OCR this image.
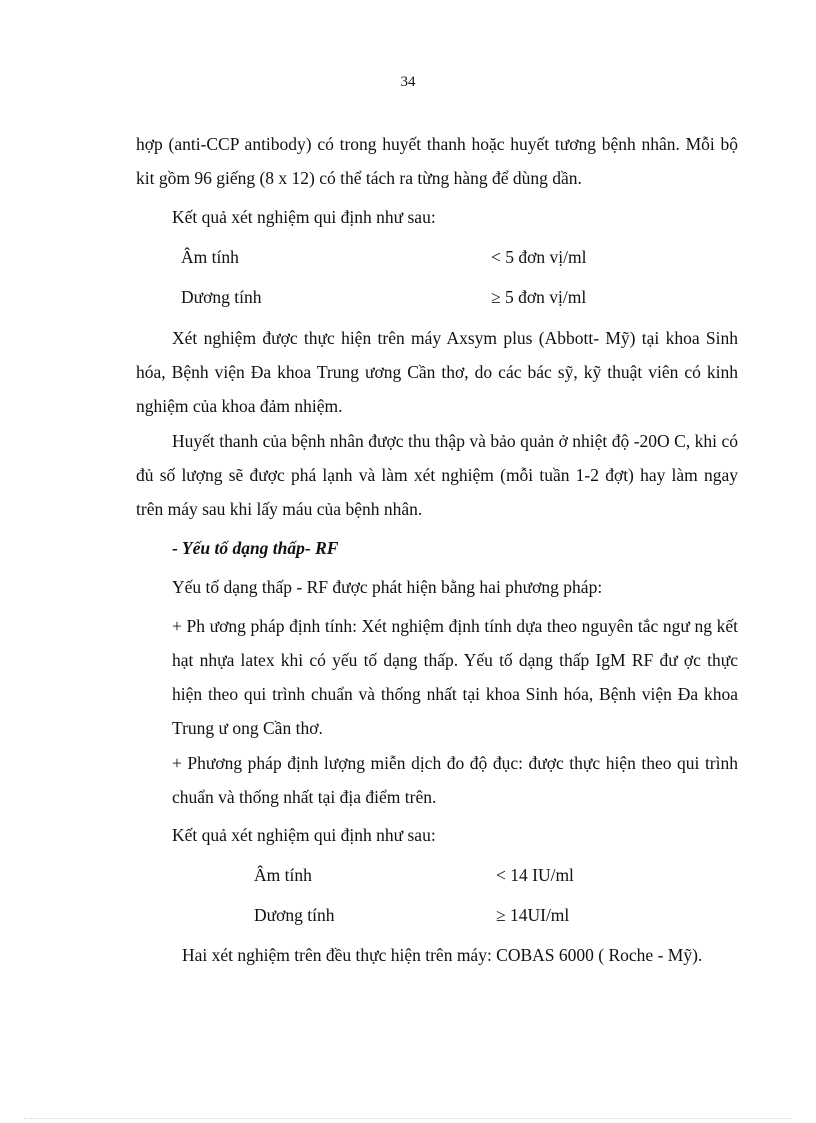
34

hợp (anti-CCP antibody) có trong huyết thanh hoặc huyết tương bệnh nhân. Mỗi bộ kit gồm 96 giếng (8 x 12) có thể tách ra từng hàng để dùng dần.

Kết quả xét nghiệm qui định như sau:
Âm tính	< 5 đơn vị/ml
Dương tính	≥ 5 đơn vị/ml

Xét nghiệm được thực hiện trên máy Axsym plus (Abbott- Mỹ) tại khoa Sinh hóa, Bệnh viện Đa khoa Trung ương Cần thơ, do các bác sỹ, kỹ thuật viên có kinh nghiệm của khoa đảm nhiệm.

Huyết thanh của bệnh nhân được thu thập và bảo quản ở nhiệt độ -20O C, khi có đủ số lượng sẽ được phá lạnh và làm xét nghiệm (mỗi tuần 1-2 đợt) hay làm ngay trên máy sau khi lấy máu của bệnh nhân.

- Yếu tố dạng thấp- RF
Yếu tố dạng thấp - RF được phát hiện bằng hai phương pháp:

+ Ph ương pháp định tính: Xét nghiệm định tính dựa theo nguyên tắc ngư ng kết hạt nhựa latex khi có yếu tố dạng thấp. Yếu tố dạng thấp IgM RF đư ợc thực hiện theo qui trình chuẩn và thống nhất tại khoa Sinh hóa, Bệnh viện Đa khoa Trung ư ong Cần thơ.

+ Phương pháp định lượng miễn dịch đo độ đục: được thực hiện theo qui trình chuẩn và thống nhất tại địa điểm trên.

Kết quả xét nghiệm qui định như sau:
Âm tính	< 14 IU/ml
Dương tính	≥ 14UI/ml
Hai xét nghiệm trên đều thực hiện trên máy: COBAS 6000 ( Roche - Mỹ).
